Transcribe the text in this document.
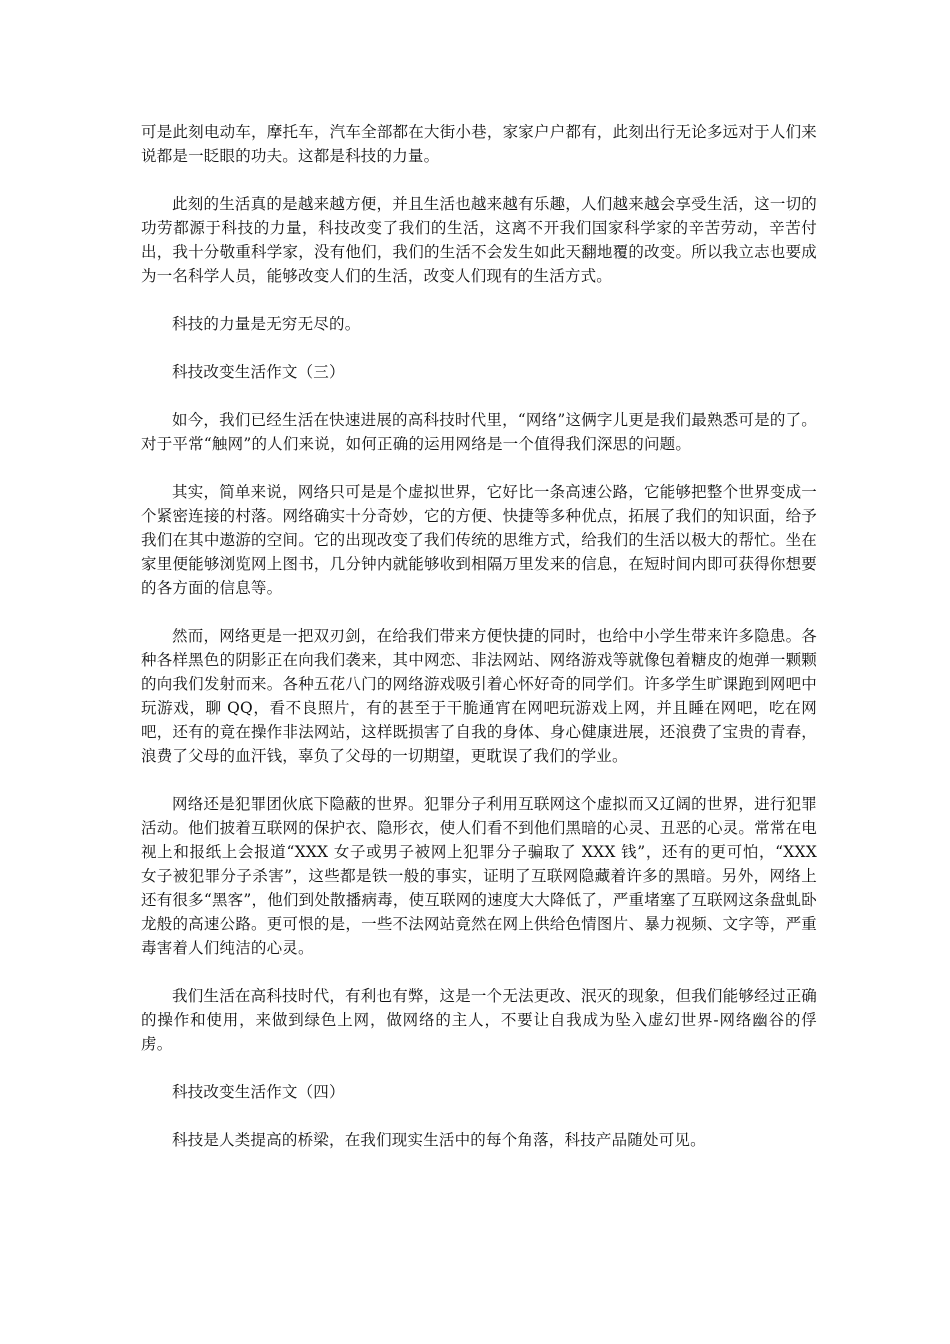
可是此刻电动车，摩托车，汽车全部都在大街小巷，家家户户都有，此刻出行无论多远对于人们来说都是一眨眼的功夫。这都是科技的力量。

此刻的生活真的是越来越方便，并且生活也越来越有乐趣，人们越来越会享受生活，这一切的功劳都源于科技的力量，科技改变了我们的生活，这离不开我们国家科学家的辛苦劳动，辛苦付出，我十分敬重科学家，没有他们，我们的生活不会发生如此天翻地覆的改变。所以我立志也要成为一名科学人员，能够改变人们的生活，改变人们现有的生活方式。

科技的力量是无穷无尽的。

科技改变生活作文（三）

如今，我们已经生活在快速进展的高科技时代里，“网络”这俩字儿更是我们最熟悉可是的了。对于平常“触网”的人们来说，如何正确的运用网络是一个值得我们深思的问题。

其实，简单来说，网络只可是是个虚拟世界，它好比一条高速公路，它能够把整个世界变成一个紧密连接的村落。网络确实十分奇妙，它的方便、快捷等多种优点，拓展了我们的知识面，给予我们在其中遨游的空间。它的出现改变了我们传统的思维方式，给我们的生活以极大的帮忙。坐在家里便能够浏览网上图书，几分钟内就能够收到相隔万里发来的信息，在短时间内即可获得你想要的各方面的信息等。

然而，网络更是一把双刃剑，在给我们带来方便快捷的同时，也给中小学生带来许多隐患。各种各样黑色的阴影正在向我们袭来，其中网恋、非法网站、网络游戏等就像包着糖皮的炮弹一颗颗的向我们发射而来。各种五花八门的网络游戏吸引着心怀好奇的同学们。许多学生旷课跑到网吧中玩游戏，聊 QQ，看不良照片，有的甚至于干脆通宵在网吧玩游戏上网，并且睡在网吧，吃在网吧，还有的竟在操作非法网站，这样既损害了自我的身体、身心健康进展，还浪费了宝贵的青春，浪费了父母的血汗钱，辜负了父母的一切期望，更耽误了我们的学业。

网络还是犯罪团伙底下隐蔽的世界。犯罪分子利用互联网这个虚拟而又辽阔的世界，进行犯罪活动。他们披着互联网的保护衣、隐形衣，使人们看不到他们黑暗的心灵、丑恶的心灵。常常在电视上和报纸上会报道“XXX 女子或男子被网上犯罪分子骗取了 XXX 钱”，还有的更可怕，“XXX 女子被犯罪分子杀害”，这些都是铁一般的事实，证明了互联网隐藏着许多的黑暗。另外，网络上还有很多“黑客”，他们到处散播病毒，使互联网的速度大大降低了，严重堵塞了互联网这条盘虬卧龙般的高速公路。更可恨的是，一些不法网站竟然在网上供给色情图片、暴力视频、文字等，严重毒害着人们纯洁的心灵。

我们生活在高科技时代，有利也有弊，这是一个无法更改、泯灭的现象，但我们能够经过正确的操作和使用，来做到绿色上网，做网络的主人，不要让自我成为坠入虚幻世界-网络幽谷的俘虏。

科技改变生活作文（四）

科技是人类提高的桥梁，在我们现实生活中的每个角落，科技产品随处可见。
